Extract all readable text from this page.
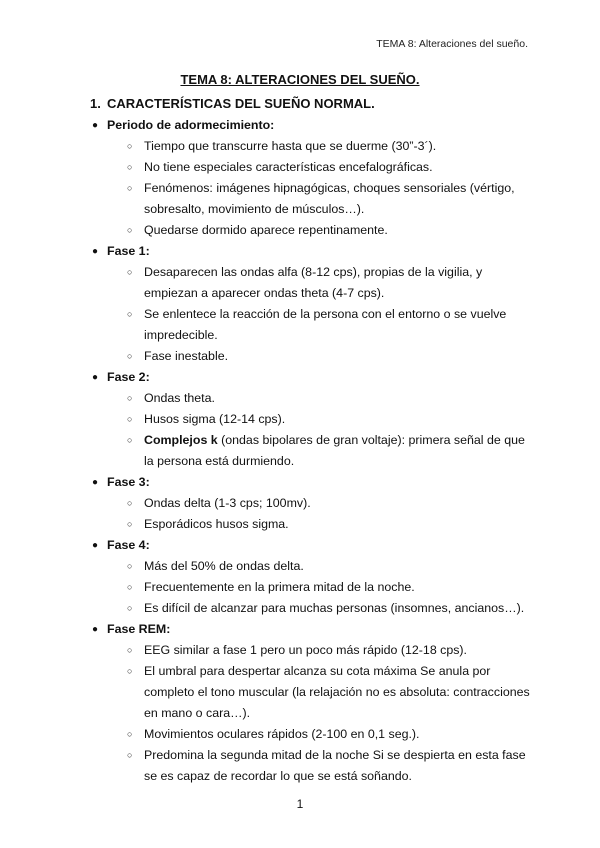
TEMA 8: Alteraciones del sueño.
TEMA 8: ALTERACIONES DEL SUEÑO.
1. CARACTERÍSTICAS DEL SUEÑO NORMAL.
● Periodo de adormecimiento:
○ Tiempo que transcurre hasta que se duerme (30”-3´).
○ No tiene especiales características encefalográficas.
○ Fenómenos: imágenes hipnagógicas, choques sensoriales (vértigo,
sobresalto, movimiento de músculos…).
○ Quedarse dormido aparece repentinamente.
● Fase 1:
○ Desaparecen las ondas alfa (8-12 cps), propias de la vigilia, y
empiezan a aparecer ondas theta (4-7 cps).
○ Se enlentece la reacción de la persona con el entorno o se vuelve
impredecible.
○ Fase inestable.
● Fase 2:
○ Ondas theta.
○ Husos sigma (12-14 cps).
○ Complejos k (ondas bipolares de gran voltaje): primera señal de que
la persona está durmiendo.
● Fase 3:
○ Ondas delta (1-3 cps; 100mv).
○ Esporádicos husos sigma.
● Fase 4:
○ Más del 50% de ondas delta.
○ Frecuentemente en la primera mitad de la noche.
○ Es difícil de alcanzar para muchas personas (insomnes, ancianos…).
● Fase REM:
○ EEG similar a fase 1 pero un poco más rápido (12-18 cps).
○ El umbral para despertar alcanza su cota máxima Se anula por
completo el tono muscular (la relajación no es absoluta: contracciones
en mano o cara…).
○ Movimientos oculares rápidos (2-100 en 0,1 seg.).
○ Predomina la segunda mitad de la noche Si se despierta en esta fase
se es capaz de recordar lo que se está soñando.
1
